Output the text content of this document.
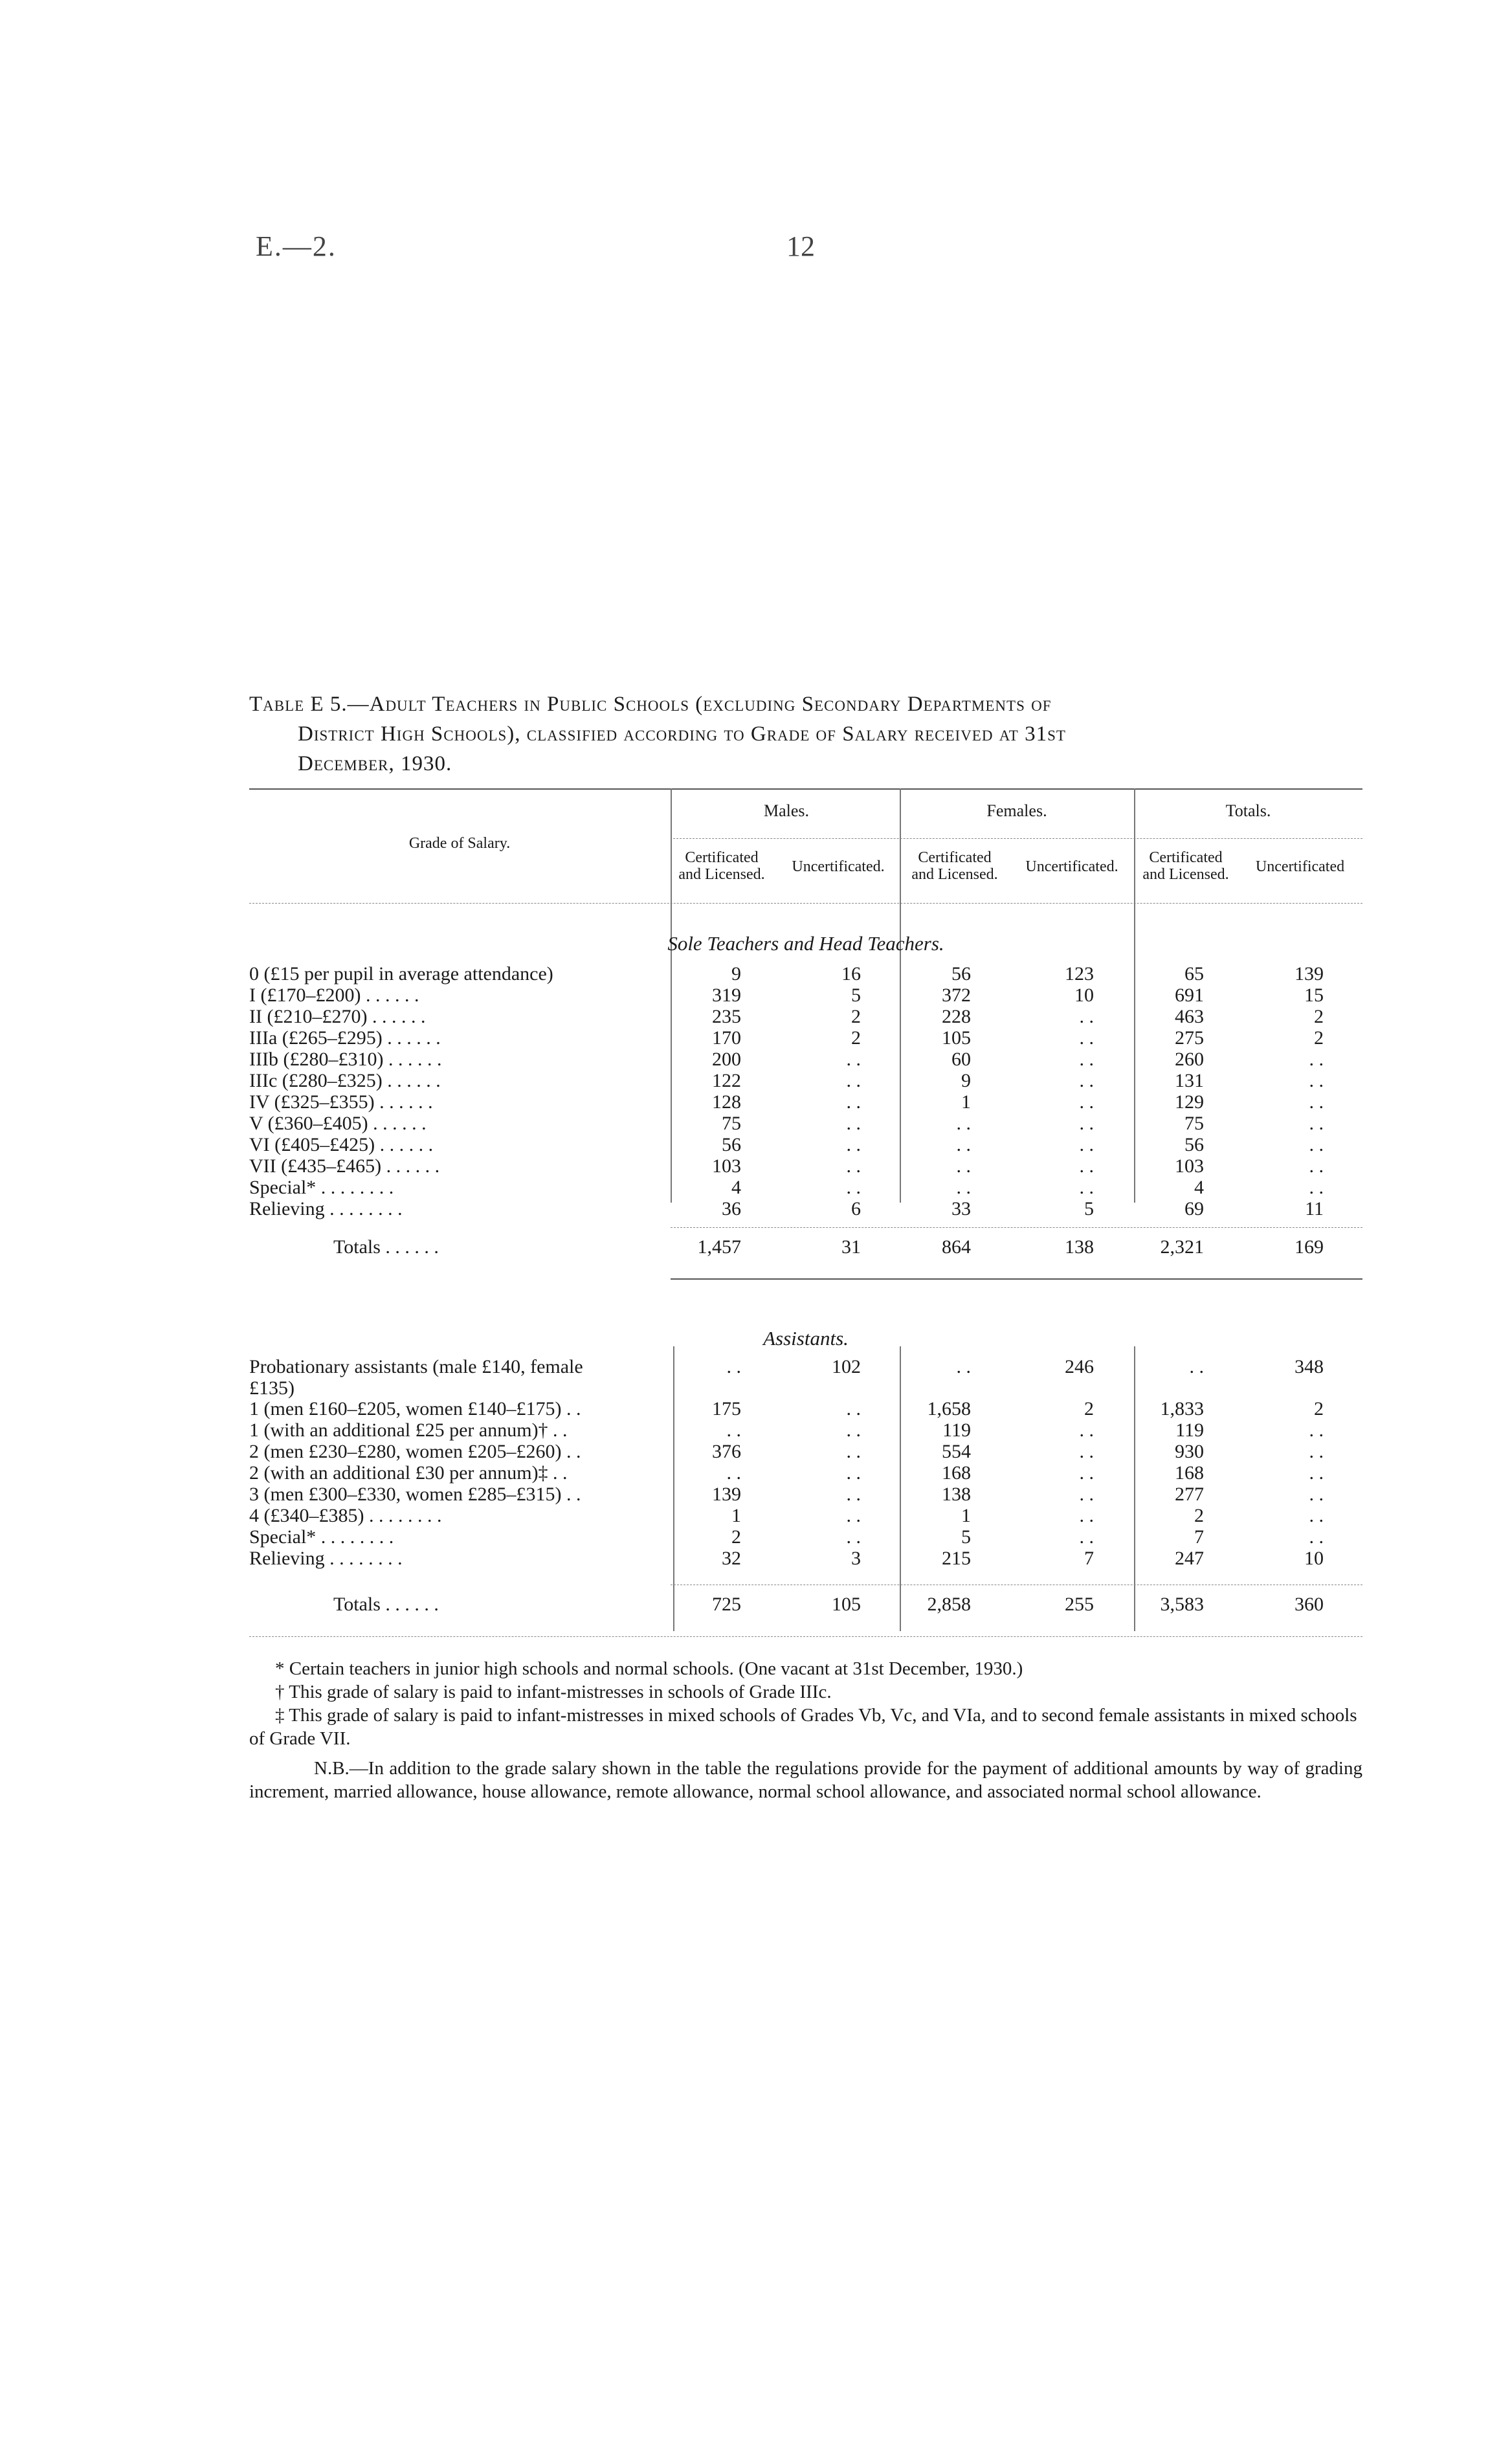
E.—2.	12
Table E 5.—Adult Teachers in Public Schools (excluding Secondary Departments of
District High Schools), classified according to Grade of Salary received at 31st
December, 1930.
Grade of Salary.
Males.	Females.	Totals.
Certificated
and Licensed.	Uncertificated.
Certificated
and Licensed.	Uncertificated.
Certificated
and Licensed.	Uncertificated
Sole Teachers and Head Teachers.
0 (£15 per pupil in average attendance)	9	16	56	123	65	139
I (£170–£200) . . . . . .	319	5	372	10	691	15
II (£210–£270) . . . . . .	235	2	228	. .	463	2
IIIa (£265–£295) . . . . . .	170	2	105	. .	275	2
IIIb (£280–£310) . . . . . .	200	. .	60	. .	260	. .
IIIc (£280–£325) . . . . . .	122	. .	9	. .	131	. .
IV (£325–£355) . . . . . .	128	. .	1	. .	129	. .
V (£360–£405) . . . . . .	75	. .	. .	. .	75	. .
VI (£405–£425) . . . . . .	56	. .	. .	. .	56	. .
VII (£435–£465) . . . . . .	103	. .	. .	. .	103	. .
Special* . . . . . . . .	4	. .	. .	. .	4	. .
Relieving . . . . . . . .	36	6	33	5	69	11
Totals . . . . . .	1,457	31	864	138	2,321	169
Assistants.
Probationary assistants (male £140, female
£135)
. .	102	. .	246	. .	348
1 (men £160–£205, women £140–£175) . .	175	. .	1,658	2	1,833	2
1 (with an additional £25 per annum)† . .	. .	. .	119	. .	119	. .
2 (men £230–£280, women £205–£260) . .	376	. .	554	. .	930	. .
2 (with an additional £30 per annum)‡ . .	. .	. .	168	. .	168	. .
3 (men £300–£330, women £285–£315) . .	139	. .	138	. .	277	. .
4 (£340–£385) . . . . . . . .	1	. .	1	. .	2	. .
Special* . . . . . . . .	2	. .	5	. .	7	. .
Relieving . . . . . . . .	32	3	215	7	247	10
Totals . . . . . .	725	105	2,858	255	3,583	360

* Certain teachers in junior high schools and normal schools. (One vacant at 31st December, 1930.)

† This grade of salary is paid to infant-mistresses in schools of Grade IIIc.

‡ This grade of salary is paid to infant-mistresses in mixed schools of Grades Vb, Vc, and VIa, and to second female assistants in mixed schools of Grade VII.

N.B.—In addition to the grade salary shown in the table the regulations provide for the payment of additional amounts by way of grading increment, married allowance, house allowance, remote allowance, normal school allowance, and associated normal school allowance.
